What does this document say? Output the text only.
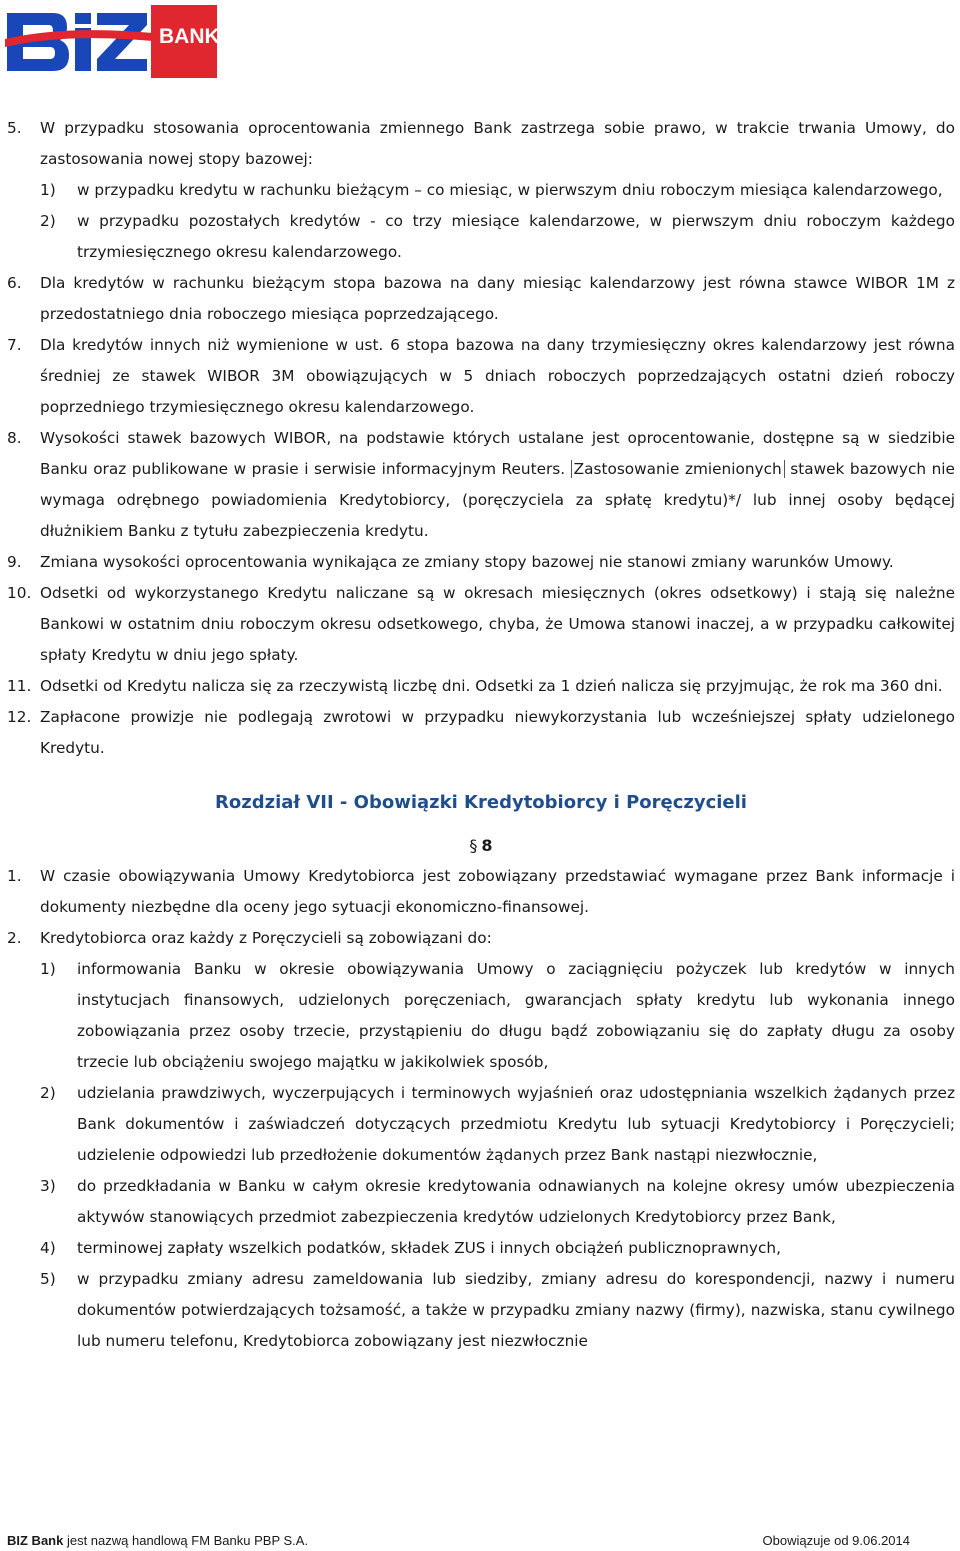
BANK
5. W przypadku stosowania oprocentowania zmiennego Bank zastrzega sobie prawo, w trakcie trwania Umowy, do zastosowania nowej stopy bazowej:
1) w przypadku kredytu w rachunku bieżącym – co miesiąc, w pierwszym dniu roboczym miesiąca kalendarzowego,
2) w przypadku pozostałych kredytów - co trzy miesiące kalendarzowe, w pierwszym dniu roboczym każdego trzymiesięcznego okresu kalendarzowego.
6. Dla kredytów w rachunku bieżącym stopa bazowa na dany miesiąc kalendarzowy jest równa stawce WIBOR 1M z przedostatniego dnia roboczego miesiąca poprzedzającego.
7. Dla kredytów innych niż wymienione w ust. 6 stopa bazowa na dany trzymiesięczny okres kalendarzowy jest równa średniej ze stawek WIBOR 3M obowiązujących w 5 dniach roboczych poprzedzających ostatni dzień roboczy poprzedniego trzymiesięcznego okresu kalendarzowego.
8. Wysokości stawek bazowych WIBOR, na podstawie których ustalane jest oprocentowanie, dostępne są w siedzibie Banku oraz publikowane w prasie i serwisie informacyjnym Reuters. Zastosowanie zmienionych stawek bazowych nie wymaga odrębnego powiadomienia Kredytobiorcy, (poręczyciela za spłatę kredytu)*/ lub innej osoby będącej dłużnikiem Banku z tytułu zabezpieczenia kredytu.
9. Zmiana wysokości oprocentowania wynikająca ze zmiany stopy bazowej nie stanowi zmiany warunków Umowy.
10. Odsetki od wykorzystanego Kredytu naliczane są w okresach miesięcznych (okres odsetkowy) i stają się należne Bankowi w ostatnim dniu roboczym okresu odsetkowego, chyba, że Umowa stanowi inaczej, a w przypadku całkowitej spłaty Kredytu w dniu jego spłaty.
11. Odsetki od Kredytu nalicza się za rzeczywistą liczbę dni. Odsetki za 1 dzień nalicza się przyjmując, że rok ma 360 dni.
12. Zapłacone prowizje nie podlegają zwrotowi w przypadku niewykorzystania lub wcześniejszej spłaty udzielonego Kredytu.
Rozdział VII - Obowiązki Kredytobiorcy i Poręczycieli
§ 8
1. W czasie obowiązywania Umowy Kredytobiorca jest zobowiązany przedstawiać wymagane przez Bank informacje i dokumenty niezbędne dla oceny jego sytuacji ekonomiczno-finansowej.
2. Kredytobiorca oraz każdy z Poręczycieli są zobowiązani do:
1) informowania Banku w okresie obowiązywania Umowy o zaciągnięciu pożyczek lub kredytów w innych instytucjach finansowych, udzielonych poręczeniach, gwarancjach spłaty kredytu lub wykonania innego zobowiązania przez osoby trzecie, przystąpieniu do długu bądź zobowiązaniu się do zapłaty długu za osoby trzecie lub obciążeniu swojego majątku w jakikolwiek sposób,
2) udzielania prawdziwych, wyczerpujących i terminowych wyjaśnień oraz udostępniania wszelkich żądanych przez Bank dokumentów i zaświadczeń dotyczących przedmiotu Kredytu lub sytuacji Kredytobiorcy i Poręczycieli; udzielenie odpowiedzi lub przedłożenie dokumentów żądanych przez Bank nastąpi niezwłocznie,
3) do przedkładania w Banku w całym okresie kredytowania odnawianych na kolejne okresy umów ubezpieczenia aktywów stanowiących przedmiot zabezpieczenia kredytów udzielonych Kredytobiorcy przez Bank,
4) terminowej zapłaty wszelkich podatków, składek ZUS i innych obciążeń publicznoprawnych,
5) w przypadku zmiany adresu zameldowania lub siedziby, zmiany adresu do korespondencji, nazwy i numeru dokumentów potwierdzających tożsamość, a także w przypadku zmiany nazwy (firmy), nazwiska, stanu cywilnego lub numeru telefonu, Kredytobiorca zobowiązany jest niezwłocznie
BIZ Bank jest nazwą handlową FM Banku PBP S.A.	Obowiązuje od 9.06.2014
